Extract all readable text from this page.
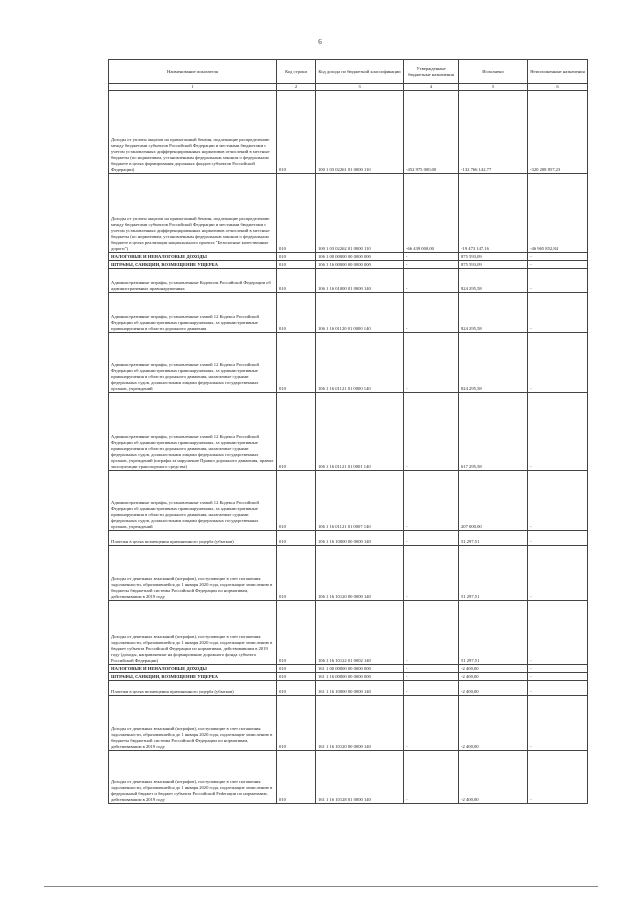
6
Наименование показателя	Код строки	Код дохода по бюджетной классификации	Утвержденные бюджетные назначения	Исполнено	Неисполненные назначения
1	2	3	4	5	6
Доходы от уплаты акцизов на прямогонный бензин, подлежащие распределению между бюджетами субъектов Российской Федерации и местными бюджетами с учетом установленных дифференцированных нормативов отчислений в местные бюджеты (по нормативам, установленным федеральным законом о федеральном бюджете в целях формирования дорожных фондов субъектов Российской Федерации)	010	100 1 03 02261 01 0000 110	-452 975 000,00	-132 766 142,77	-320 208 857,23
Доходы от уплаты акцизов на прямогонный бензин, подлежащие распределению между бюджетами субъектов Российской Федерации и местными бюджетами с учетом установленных дифференцированных нормативов отчислений в местные бюджеты (по нормативам, установленным федеральным законом о федеральном бюджете в целях реализации национального проекта "Безопасные качественные дороги")	010	100 1 03 02262 01 0000 110	-66 439 000,00	-19 473 147,16	-46 965 852,84
НАЛОГОВЫЕ И НЕНАЛОГОВЫЕ ДОХОДЫ	010	106 1 00 00000 00 0000 000	-	875 593,09	-
ШТРАФЫ, САНКЦИИ, ВОЗМЕЩЕНИЕ УЩЕРБА	010	106 1 16 00000 00 0000 000	-	875 593,09	-
Административные штрафы, установленные Кодексом Российской Федерации об административных правонарушениях	010	106 1 16 01000 01 0000 140	-	824 295,58	-
Административные штрафы, установленные главой 12 Кодекса Российской Федерации об административных правонарушениях, за административные правонарушения в области дорожного движения	010	106 1 16 01120 01 0000 140	-	824 295,58	-
Административные штрафы, установленные главой 12 Кодекса Российской Федерации об административных правонарушениях, за административные правонарушения в области дорожного движения, налагаемые судьями федеральных судов, должностными лицами федеральных государственных органов, учреждений	010	106 1 16 01121 01 0000 140	-	824 295,58	-
Административные штрафы, установленные главой 12 Кодекса Российской Федерации об административных правонарушениях, за административные правонарушения в области дорожного движения, налагаемые судьями федеральных судов, должностными лицами федеральных государственных органов, учреждений (штрафы за нарушение Правил дорожного движения, правил эксплуатации транспортного средства)	010	106 1 16 01121 01 0001 140	-	617 295,58	-
Административные штрафы, установленные главой 12 Кодекса Российской Федерации об административных правонарушениях, за административные правонарушения в области дорожного движения, налагаемые судьями федеральных судов, должностными лицами федеральных государственных органов, учреждений	010	106 1 16 01121 01 0007 140	-	207 000,00	-
Платежи в целях возмещения причиненного ущерба (убытков)	010	106 1 16 10000 00 0000 140	-	51 297,51	-
Доходы от денежных взысканий (штрафов), поступающие в счет погашения задолженности, образовавшейся до 1 января 2020 года, подлежащие зачислению в бюджеты бюджетной системы Российской Федерации по нормативам, действовавшим в 2019 году	010	106 1 16 10120 00 0000 140	-	51 297,51	-
Доходы от денежных взысканий (штрафов), поступающие в счет погашения задолженности, образовавшейся до 1 января 2020 года, подлежащие зачислению в бюджет субъекта Российской Федерации по нормативам, действовавшим в 2019 году (доходы, направляемые на формирование дорожного фонда субъекта Российской Федерации)	010	106 1 16 10122 01 0002 140	-	51 297,51	-
НАЛОГОВЫЕ И НЕНАЛОГОВЫЕ ДОХОДЫ	010	161 1 00 00000 00 0000 000	-	-2 400,00	-
ШТРАФЫ, САНКЦИИ, ВОЗМЕЩЕНИЕ УЩЕРБА	010	161 1 16 00000 00 0000 000	-	-2 400,00	-
Платежи в целях возмещения причиненного ущерба (убытков)	010	161 1 16 10000 00 0000 140	-	-2 400,00	-
Доходы от денежных взысканий (штрафов), поступающие в счет погашения задолженности, образовавшейся до 1 января 2020 года, подлежащие зачислению в бюджеты бюджетной системы Российской Федерации по нормативам, действовавшим в 2019 году	010	161 1 16 10120 00 0000 140	-	-2 400,00	-
Доходы от денежных взысканий (штрафов), поступающие в счет погашения задолженности, образовавшейся до 1 января 2020 года, подлежащие зачислению в федеральный бюджет и бюджет субъекта Российской Federации по нормативам, действовавшим в 2019 году	010	161 1 16 10128 01 0000 140	-	-2 400,00	-
